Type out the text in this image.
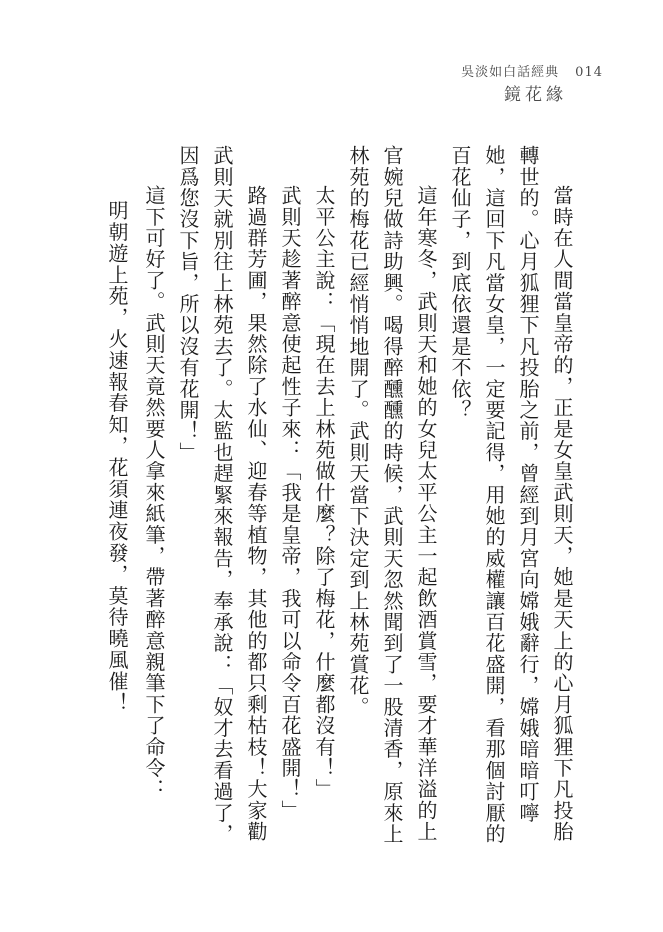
吳淡如白話經典 014
鏡花緣

當時在人間當皇帝的，正是女皇武則天，她是天上的心月狐狸下凡投胎轉世的。心月狐狸下凡投胎之前，曾經到月宮向嫦娥辭行，嫦娥暗暗叮嚀她，這回下凡當女皇，一定要記得，用她的威權讓百花盛開，看那個討厭的百花仙子，到底依還是不依？

這年寒冬，武則天和她的女兒太平公主一起飲酒賞雪，要才華洋溢的上官婉兒做詩助興。喝得醉醺醺的時候，武則天忽然聞到了一股清香，原來上林苑的梅花已經悄悄地開了。武則天當下決定到上林苑賞花。

太平公主說：「現在去上林苑做什麼？除了梅花，什麼都沒有！」

武則天趁著醉意使起性子來：「我是皇帝，我可以命令百花盛開！」

路過群芳圃，果然除了水仙、迎春等植物，其他的都只剩枯枝！大家勸武則天就別往上林苑去了。太監也趕緊來報告，奉承說：「奴才去看過了，因爲您沒下旨，所以沒有花開！」

這下可好了。武則天竟然要人拿來紙筆，帶著醉意親筆下了命令：

明朝遊上苑，火速報春知，花須連夜發，莫待曉風催！
